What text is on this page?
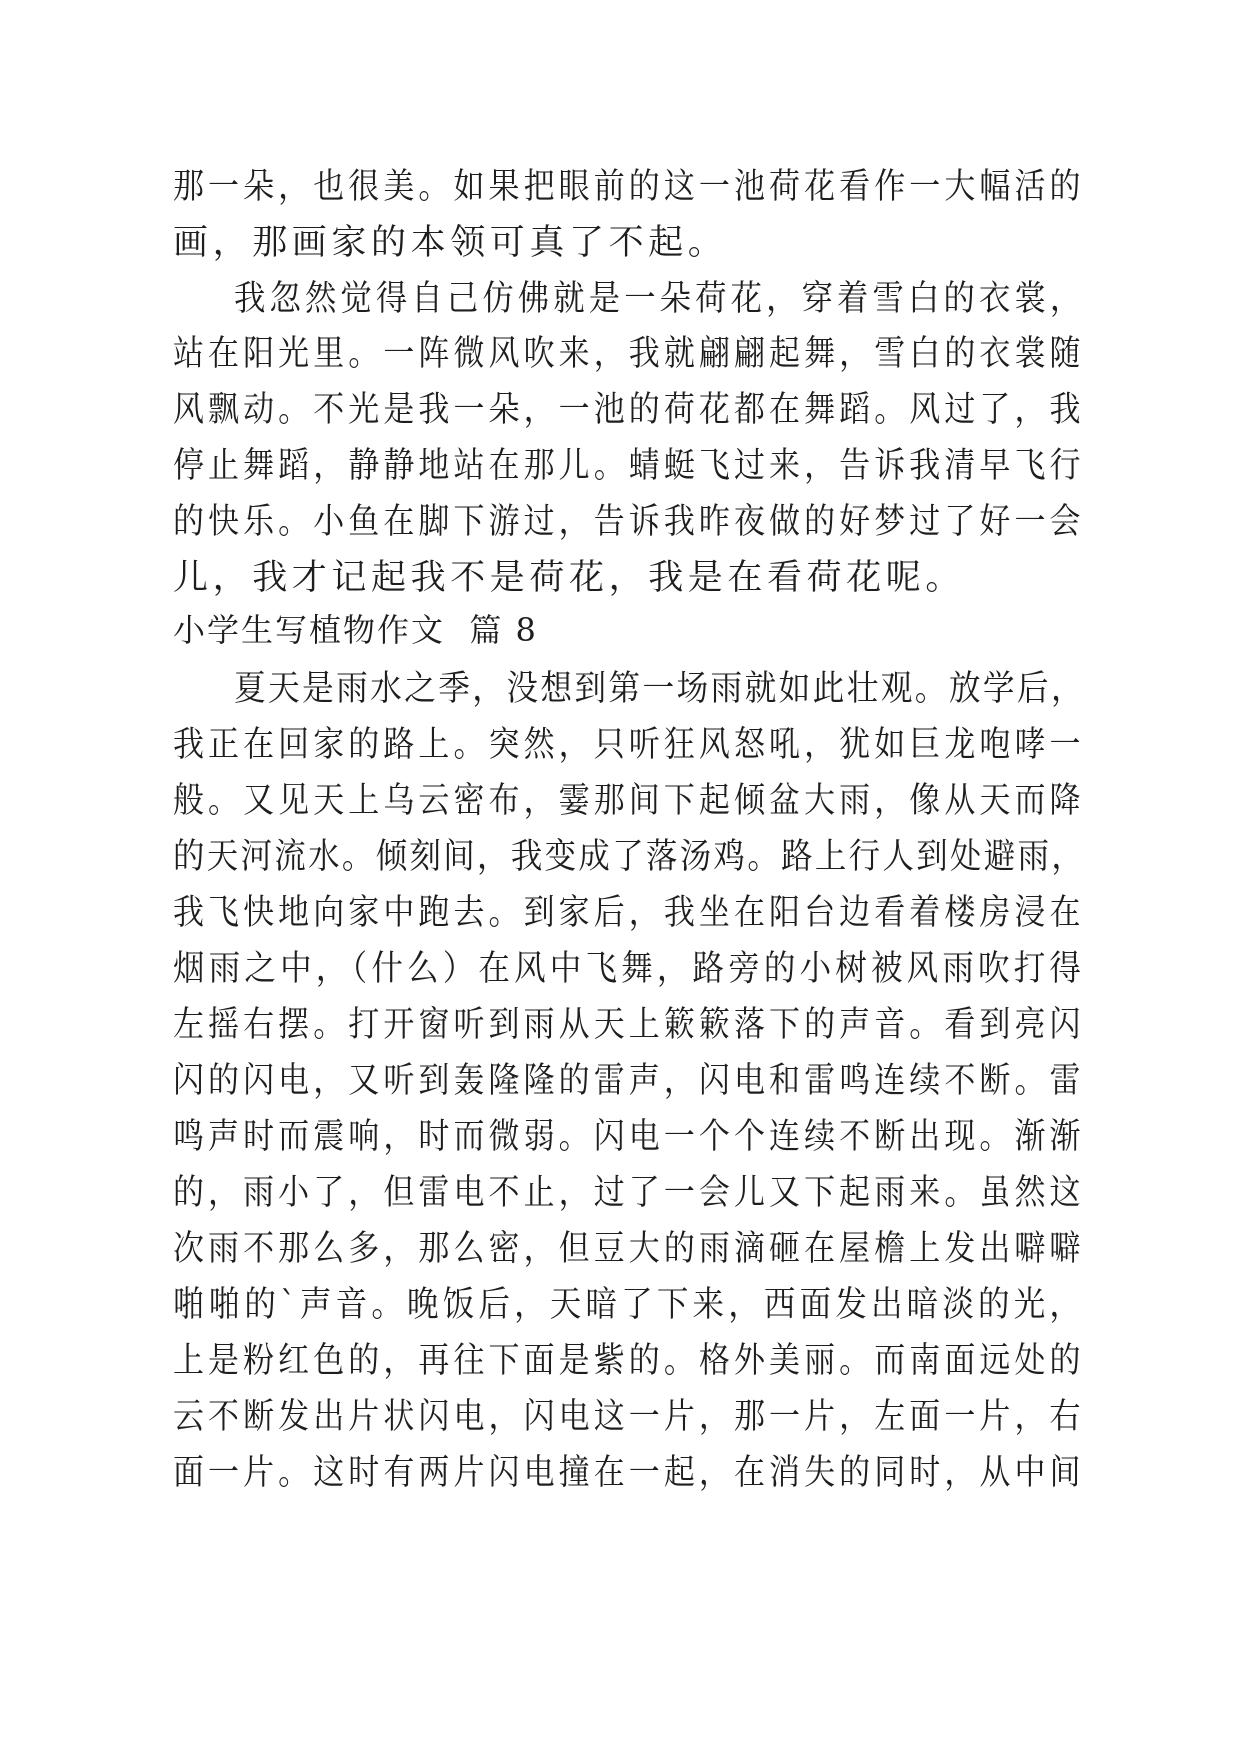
那一朵，也很美。如果把眼前的这一池荷花看作一大幅活的
画，那画家的本领可真了不起。
我忽然觉得自己仿佛就是一朵荷花，穿着雪白的衣裳，
站在阳光里。一阵微风吹来，我就翩翩起舞，雪白的衣裳随
风飘动。不光是我一朵，一池的荷花都在舞蹈。风过了，我
停止舞蹈，静静地站在那儿。蜻蜓飞过来，告诉我清早飞行
的快乐。小鱼在脚下游过，告诉我昨夜做的好梦过了好一会
儿，我才记起我不是荷花，我是在看荷花呢。
小学生写植物作文  篇 8
夏天是雨水之季，没想到第一场雨就如此壮观。放学后，
我正在回家的路上。突然，只听狂风怒吼，犹如巨龙咆哮一
般。又见天上乌云密布，霎那间下起倾盆大雨，像从天而降
的天河流水。倾刻间，我变成了落汤鸡。路上行人到处避雨，
我飞快地向家中跑去。到家后，我坐在阳台边看着楼房浸在
烟雨之中，（什么）在风中飞舞，路旁的小树被风雨吹打得
左摇右摆。打开窗听到雨从天上簌簌落下的声音。看到亮闪
闪的闪电，又听到轰隆隆的雷声，闪电和雷鸣连续不断。雷
鸣声时而震响，时而微弱。闪电一个个连续不断出现。渐渐
的，雨小了，但雷电不止，过了一会儿又下起雨来。虽然这
次雨不那么多，那么密，但豆大的雨滴砸在屋檐上发出噼噼
啪啪的`声音。晚饭后，天暗了下来，西面发出暗淡的光，
上是粉红色的，再往下面是紫的。格外美丽。而南面远处的
云不断发出片状闪电，闪电这一片，那一片，左面一片，右
面一片。这时有两片闪电撞在一起，在消失的同时，从中间
